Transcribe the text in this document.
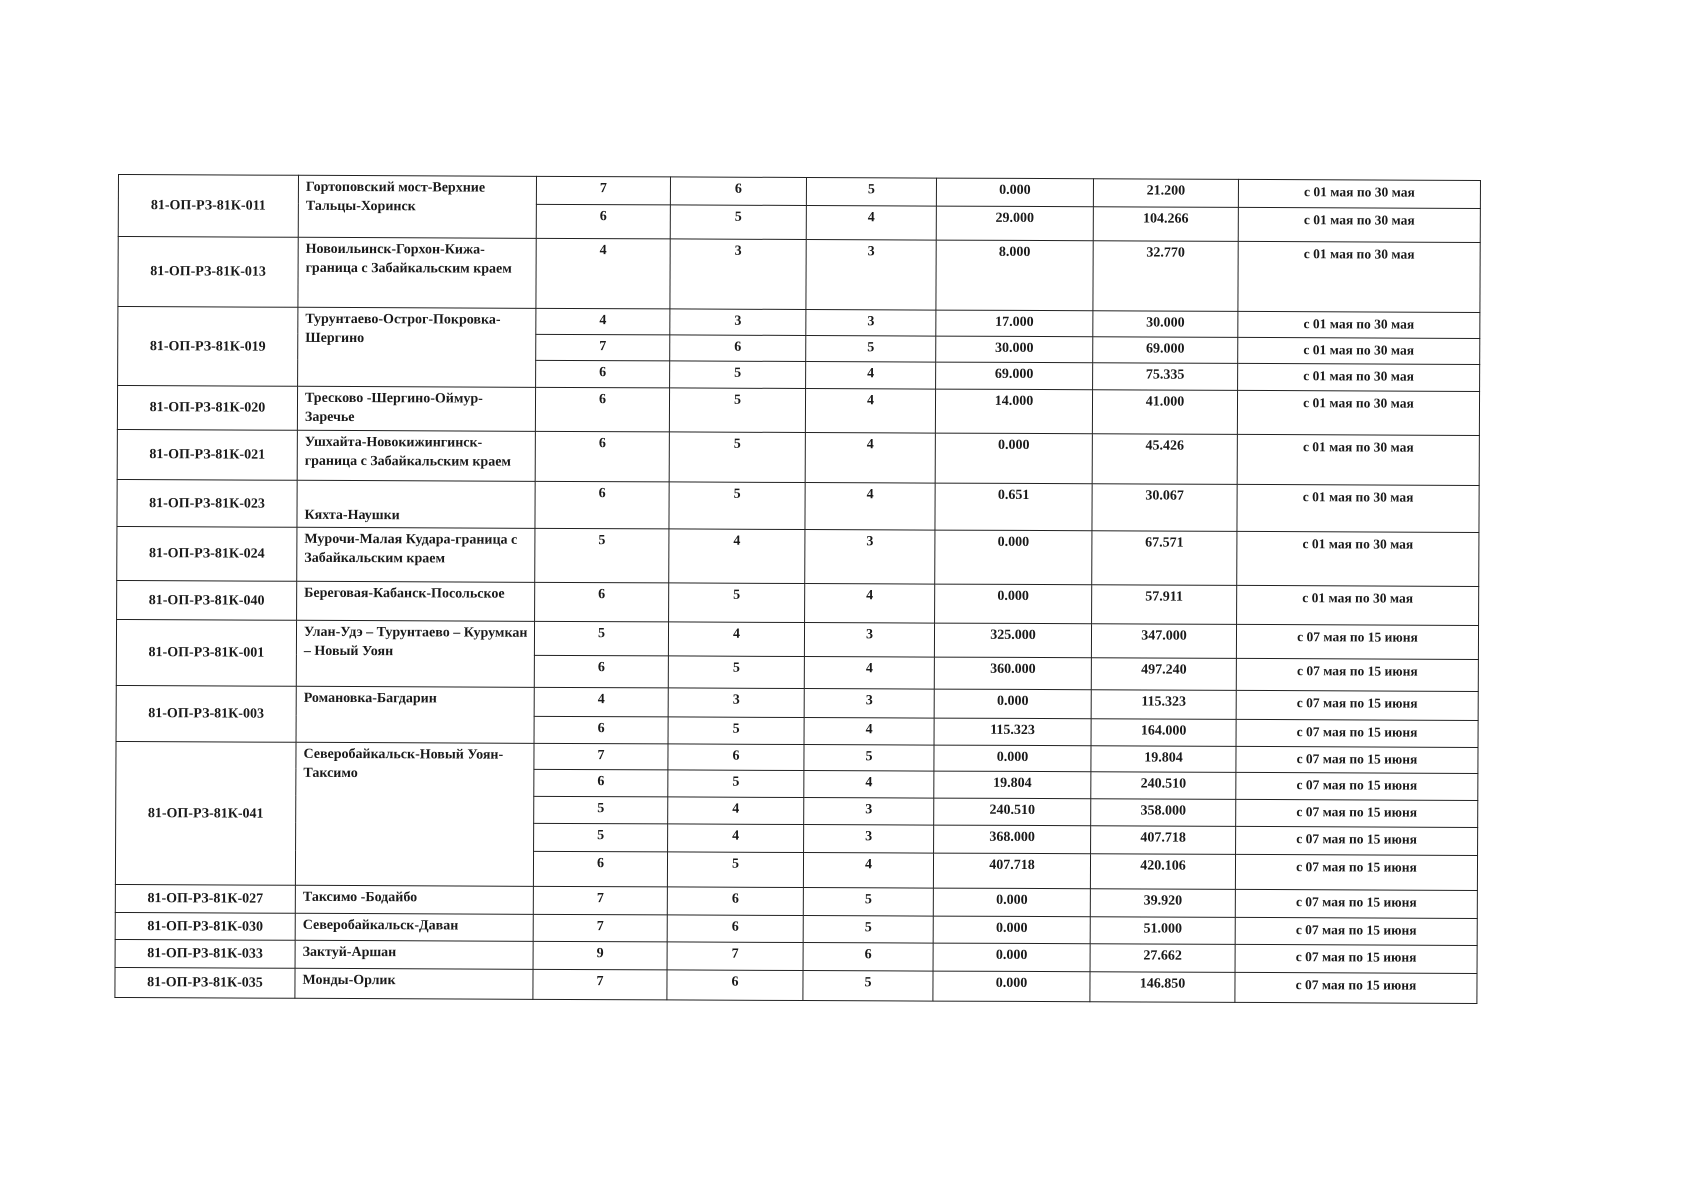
81-ОП-РЗ-81К-011	Гортоповский мост-Верхние Тальцы-Хоринск	7	6	5	0.000	21.200	с 01 мая по 30 мая
		6	5	4	29.000	104.266	с 01 мая по 30 мая
81-ОП-РЗ-81К-013	Новоильинск-Горхон-Кижа-граница с Забайкальским краем	4	3	3	8.000	32.770	с 01 мая по 30 мая
81-ОП-РЗ-81К-019	Турунтаево-Острог-Покровка-Шергино	4	3	3	17.000	30.000	с 01 мая по 30 мая
		7	6	5	30.000	69.000	с 01 мая по 30 мая
		6	5	4	69.000	75.335	с 01 мая по 30 мая
81-ОП-РЗ-81К-020	Тресково -Шергино-Оймур-Заречье	6	5	4	14.000	41.000	с 01 мая по 30 мая
81-ОП-РЗ-81К-021	Ушхайта-Новокижингинск-граница с Забайкальским краем	6	5	4	0.000	45.426	с 01 мая по 30 мая
81-ОП-РЗ-81К-023	Кяхта-Наушки	6	5	4	0.651	30.067	с 01 мая по 30 мая
81-ОП-РЗ-81К-024	Мурочи-Малая Кудара-граница с Забайкальским краем	5	4	3	0.000	67.571	с 01 мая по 30 мая
81-ОП-РЗ-81К-040	Береговая-Кабанск-Посольское	6	5	4	0.000	57.911	с 01 мая по 30 мая
81-ОП-РЗ-81К-001	Улан-Удэ – Турунтаево – Курумкан – Новый Уоян	5	4	3	325.000	347.000	с 07 мая по 15 июня
		6	5	4	360.000	497.240	с 07 мая по 15 июня
81-ОП-РЗ-81К-003	Романовка-Багдарин	4	3	3	0.000	115.323	с 07 мая по 15 июня
		6	5	4	115.323	164.000	с 07 мая по 15 июня
81-ОП-РЗ-81К-041	Северобайкальск-Новый Уоян-Таксимо	7	6	5	0.000	19.804	с 07 мая по 15 июня
		6	5	4	19.804	240.510	с 07 мая по 15 июня
		5	4	3	240.510	358.000	с 07 мая по 15 июня
		5	4	3	368.000	407.718	с 07 мая по 15 июня
		6	5	4	407.718	420.106	с 07 мая по 15 июня
81-ОП-РЗ-81К-027	Таксимо -Бодайбо	7	6	5	0.000	39.920	с 07 мая по 15 июня
81-ОП-РЗ-81К-030	Северобайкальск-Даван	7	6	5	0.000	51.000	с 07 мая по 15 июня
81-ОП-РЗ-81К-033	Зактуй-Аршан	9	7	6	0.000	27.662	с 07 мая по 15 июня
81-ОП-РЗ-81К-035	Монды-Орлик	7	6	5	0.000	146.850	с 07 мая по 15 июня
